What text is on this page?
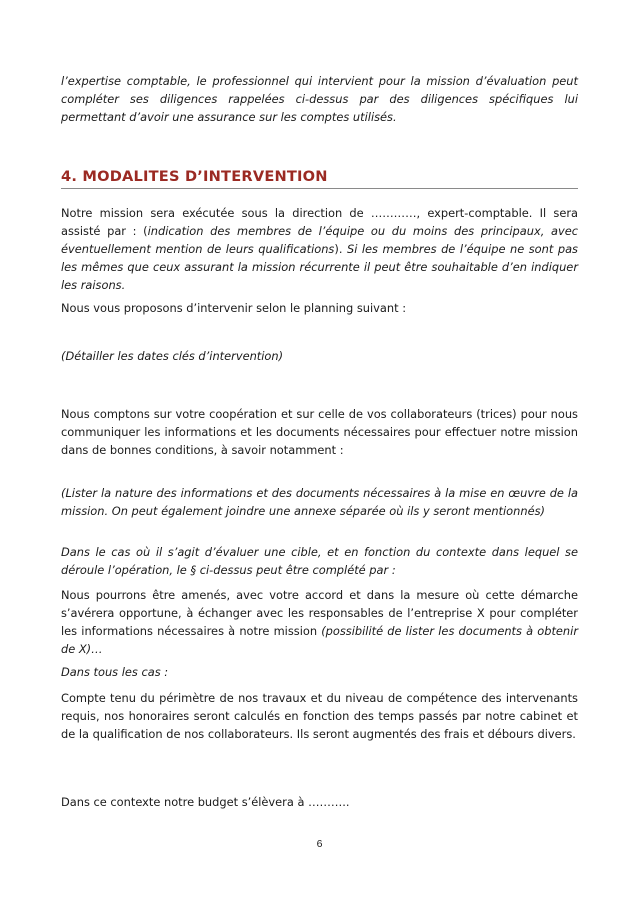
l’expertise comptable, le professionnel qui intervient pour la mission d’évaluation peut compléter ses diligences rappelées ci-dessus par des diligences spécifiques lui permettant d’avoir une assurance sur les comptes utilisés.

4. MODALITES D’INTERVENTION

Notre mission sera exécutée sous la direction de …………, expert-comptable. Il sera assisté par : (indication des membres de l’équipe ou du moins des principaux, avec éventuellement mention de leurs qualifications). Si les membres de l’équipe ne sont pas les mêmes que ceux assurant la mission récurrente il peut être souhaitable d’en indiquer les raisons.

Nous vous proposons d’intervenir selon le planning suivant :

(Détailler les dates clés d’intervention)

Nous comptons sur votre coopération et sur celle de vos collaborateurs (trices) pour nous communiquer les informations et les documents nécessaires pour effectuer notre mission dans de bonnes conditions, à savoir notamment :

(Lister la nature des informations et des documents nécessaires à la mise en œuvre de la mission. On peut également joindre une annexe séparée où ils y seront mentionnés)

Dans le cas où il s’agit d’évaluer une cible, et en fonction du contexte dans lequel se déroule l’opération, le § ci-dessus peut être complété par :

Nous pourrons être amenés, avec votre accord et dans la mesure où cette démarche s’avérera opportune, à échanger avec les responsables de l’entreprise X pour compléter les informations nécessaires à notre mission (possibilité de lister les documents à obtenir de X)…

Dans tous les cas :

Compte tenu du périmètre de nos travaux et du niveau de compétence des intervenants requis, nos honoraires seront calculés en fonction des temps passés par notre cabinet et de la qualification de nos collaborateurs. Ils seront augmentés des frais et débours divers.

Dans ce contexte notre budget s’élèvera à ………..

6
